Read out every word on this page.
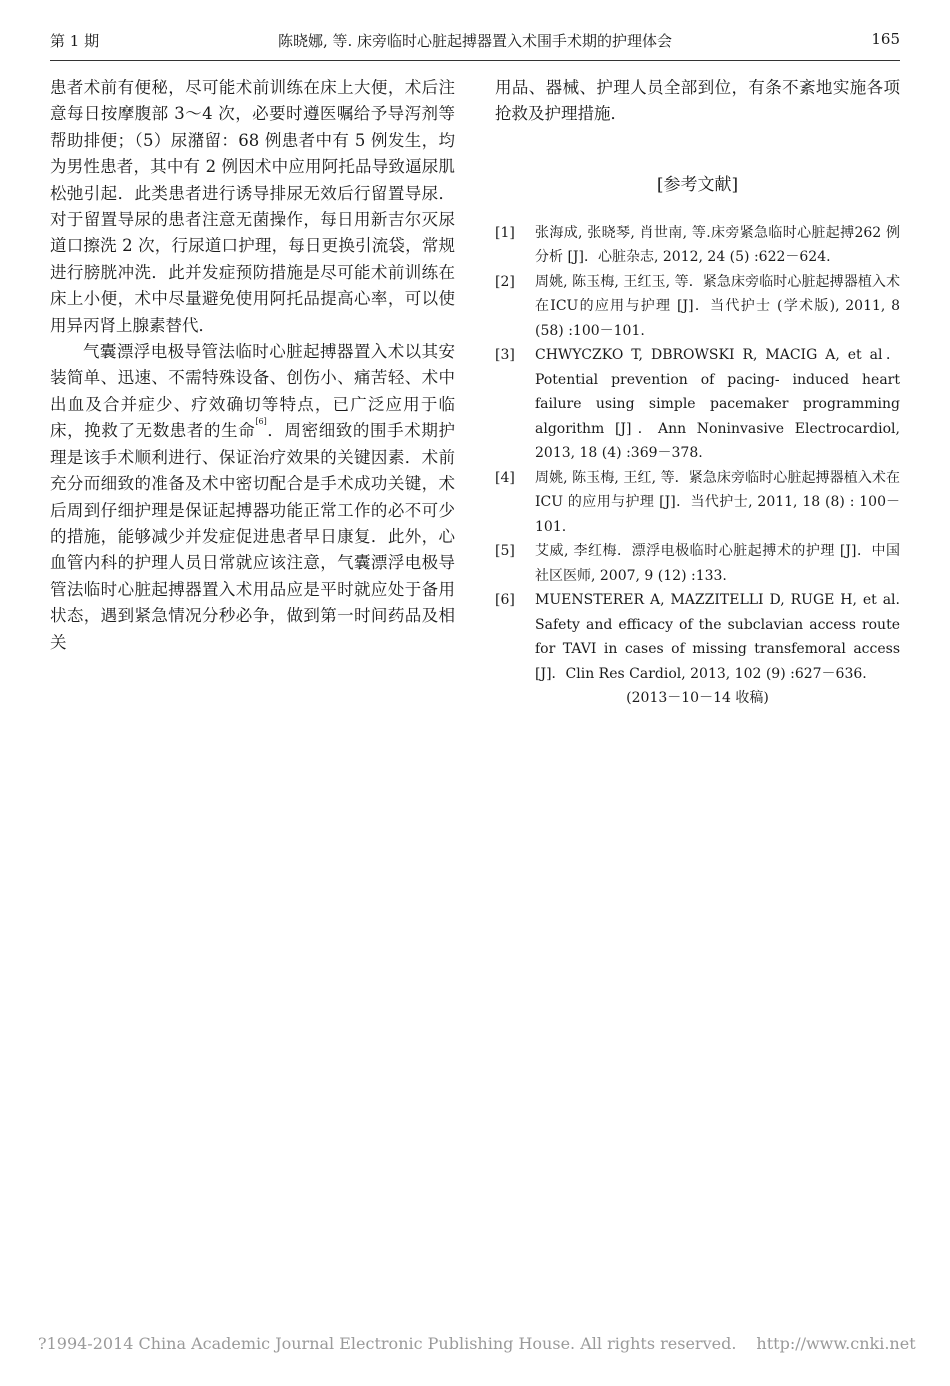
第 1 期	陈晓娜, 等. 床旁临时心脏起搏器置入术围手术期的护理体会	165

患者术前有便秘，尽可能术前训练在床上大便，术后注意每日按摩腹部 3～4 次，必要时遵医嘱给予导泻剂等帮助排便；（5）尿潴留：68 例患者中有 5 例发生，均为男性患者，其中有 2 例因术中应用阿托品导致逼尿肌松弛引起．此类患者进行诱导排尿无效后行留置导尿．对于留置导尿的患者注意无菌操作，每日用新吉尔灭尿道口擦洗 2 次，行尿道口护理，每日更换引流袋，常规进行膀胱冲洗．此并发症预防措施是尽可能术前训练在床上小便，术中尽量避免使用阿托品提高心率，可以使用异丙肾上腺素替代．

气囊漂浮电极导管法临时心脏起搏器置入术以其安装简单、迅速、不需特殊设备、创伤小、痛苦轻、术中出血及合并症少、疗效确切等特点，已广泛应用于临床，挽救了无数患者的生命[6]．周密细致的围手术期护理是该手术顺利进行、保证治疗效果的关键因素．术前充分而细致的准备及术中密切配合是手术成功关键，术后周到仔细护理是保证起搏器功能正常工作的必不可少的措施，能够减少并发症促进患者早日康复．此外，心血管内科的护理人员日常就应该注意，气囊漂浮电极导管法临时心脏起搏器置入术用品应是平时就应处于备用状态，遇到紧急情况分秒必争，做到第一时间药品及相关

用品、器械、护理人员全部到位，有条不紊地实施各项抢救及护理措施．

[参考文献]
[1] 张海成, 张晓琴, 肖世南, 等.床旁紧急临时心脏起搏262 例分析 [J]．心脏杂志, 2012, 24 (5) :622－624.
[2] 周姚, 陈玉梅, 王红玉, 等．紧急床旁临时心脏起搏器植入术在ICU的应用与护理 [J]．当代护士 (学术版), 2011, 8 (58) :100－101.
[3] CHWYCZKO T, DBROWSKI R, MACIG A, et al．Potential prevention of pacing- induced heart failure using simple pacemaker programming algorithm [J]．Ann Noninvasive Electrocardiol, 2013, 18 (4) :369－378.
[4] 周姚, 陈玉梅, 王红, 等．紧急床旁临时心脏起搏器植入术在ICU 的应用与护理 [J]．当代护士, 2011, 18 (8) : 100－101.
[5] 艾威, 李红梅．漂浮电极临时心脏起搏术的护理 [J]．中国社区医师, 2007, 9 (12) :133.
[6] MUENSTERER A, MAZZITELLI D, RUGE H, et al. Safety and efficacy of the subclavian access route for TAVI in cases of missing transfemoral access [J]．Clin Res Cardiol, 2013, 102 (9) :627－636.
(2013－10－14 收稿)
?1994-2014 China Academic Journal Electronic Publishing House. All rights reserved. http://www.cnki.net
